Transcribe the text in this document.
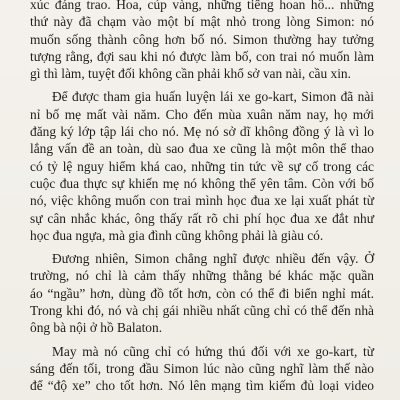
xúc đáng trao. Hoa, cúp vàng, những tiếng hoan hô... những

thứ này đã chạm vào một bí mật nhỏ trong lòng Simon: nó

muốn sống thành công hơn bố nó. Simon thường hay tưởng

tượng rằng, đợi sau khi nó được làm bố, con trai nó muốn làm

gì thì làm, tuyệt đối không cần phải khổ sở van nài, cầu xin.

Để được tham gia huấn luyện lái xe go-kart, Simon đã nài

nỉ bố mẹ mất vài năm. Cho đến mùa xuân năm nay, họ mới

đăng ký lớp tập lái cho nó. Mẹ nó sở dĩ không đồng ý là vì lo

lắng vấn đề an toàn, dù sao đua xe cũng là một môn thể thao

có tỷ lệ nguy hiểm khá cao, những tin tức về sự cố trong các

cuộc đua thực sự khiến mẹ nó không thể yên tâm. Còn với bố

nó, việc không muốn con trai mình học đua xe lại xuất phát từ

sự cân nhắc khác, ông thấy rất rõ chi phí học đua xe đắt như

học đua ngựa, mà gia đình cũng không phải là giàu có.

Đương nhiên, Simon chẳng nghĩ được nhiều đến vậy. Ở

trường, nó chỉ là cảm thấy những thằng bé khác mặc quần

áo “ngầu” hơn, dùng đồ tốt hơn, còn có thể đi biển nghỉ mát.

Trong khi đó, nó và chị gái nhiều nhất cũng chỉ có thể đến nhà

ông bà nội ở hồ Balaton.

May mà nó cũng chỉ có hứng thú đối với xe go-kart, từ

sáng đến tối, trong đầu Simon lúc nào cũng nghĩ làm thế nào

để “độ xe” cho tốt hơn. Nó lên mạng tìm kiếm đủ loại video
